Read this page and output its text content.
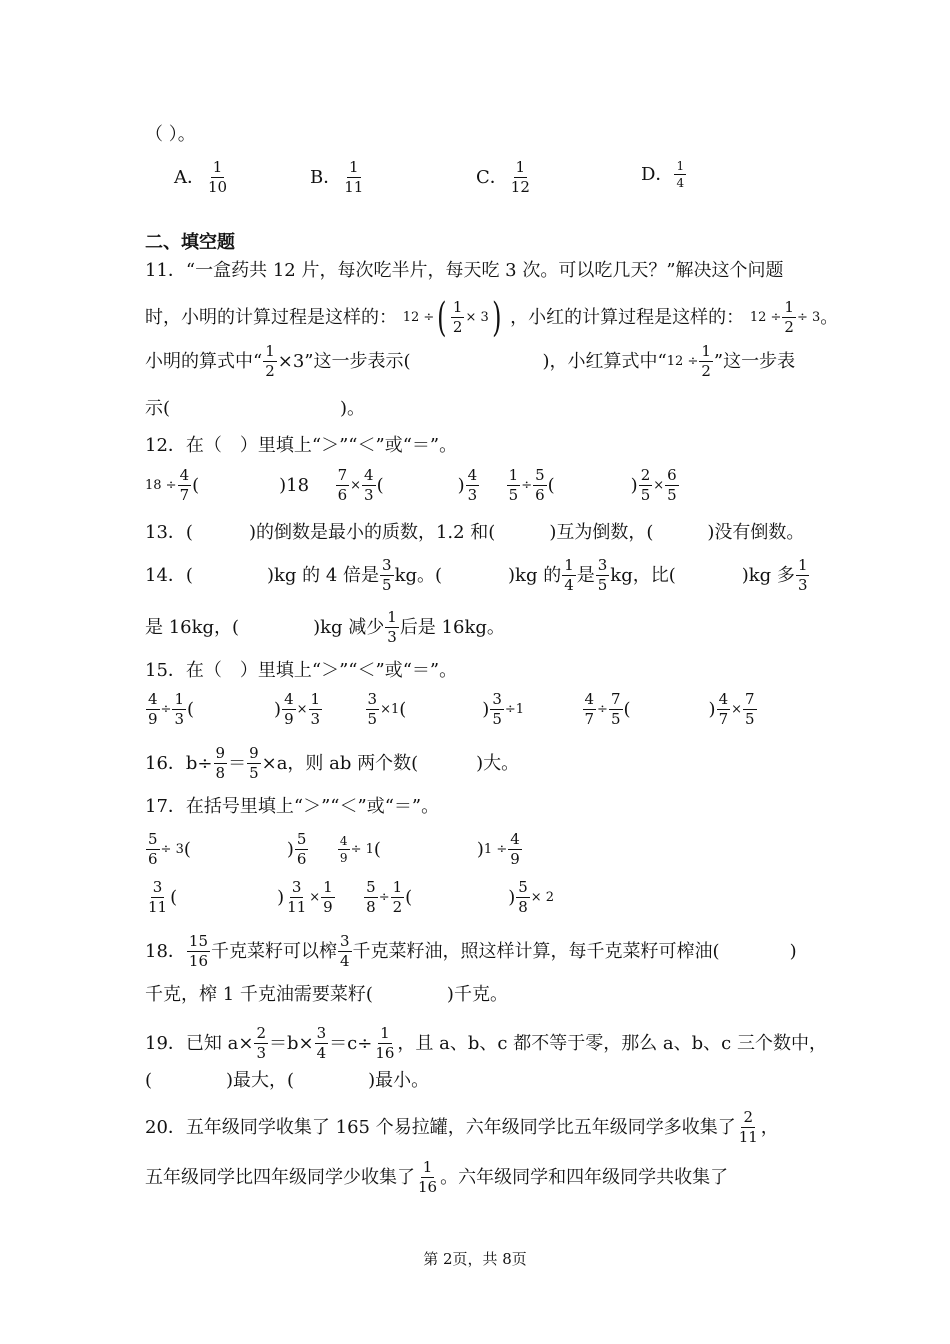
（ ）。
A． $\frac{1}{10}$	B． $\frac{1}{11}$	C． $\frac{1}{12}$	D． $\frac{1}{4}$
二、填空题
11．“一盒药共 12 片，每次吃半片，每天吃 3 次。可以吃几天？”解决这个问题
时，小明的计算过程是这样的： 12 ÷( $\frac{1}{2} \times 3$) ，小红的计算过程是这样的： $12 \div \frac{1}{2} \div 3$。
小明的算式中“ $\frac{1}{2} \times 3$”这一步表示(	)，小红算式中“$12 \div \frac{1}{2}$ ”这一步表
示(	)。
12．在（　）里填上“＞”“＜”或“＝”。
$18 \div \frac{4}{7}$ (	)$18 \frac{7}{6} \times \frac{4}{3}$ (	) $\frac{4}{3}$
$\frac{1}{5} \div \frac{5}{6}$ (	) $\frac{2}{5} \times \frac{6}{5}$
13．(	)的倒数是最小的质数，1.2 和(	)互为倒数，(	)没有倒数。
14．(	)kg 的 4 倍是 $\frac{3}{5}$ kg。(	)kg 的 $\frac{1}{4}$ 是 $\frac{3}{5}$ kg，比(	)kg 多 $\frac{1}{3}$
是 16kg，(	)kg 减少 $\frac{1}{3}$ 后是 16kg。
15．在（　）里填上“＞”“＜”或“＝”。
$\frac{4}{9} \div \frac{1}{3}$ (	) $\frac{4}{9} \times \frac{1}{3}$
	$\frac{3}{5} \times 1$(	) $\frac{3}{5} \div 1$	$\frac{4}{7} \div \frac{7}{5}$ (	) $\frac{4}{7} \times \frac{7}{5}$
16．$b\div \frac{9}{8} = \frac{9}{5} \times a$，则 ab 两个数(	)大。
17．在括号里填上“＞”“＜”或“＝”。
$\frac{5}{6} \div 3$(	) $\frac{5}{6}$
$\frac{4}{9} \div 1$(	)$1 \div \frac{4}{9}$
$\frac{3}{11}$ (	) $\frac{3}{11} \times \frac{1}{9}$
$\frac{5}{8} \div \frac{1}{2}$ (	) $\frac{5}{8} \times 2$
18． $\frac{15}{16}$ 千克菜籽可以榨 $\frac{3}{4}$ 千克菜籽油，照这样计算，每千克菜籽可榨油(	)
千克，榨 1 千克油需要菜籽(	)千克。
19．已知 $a\times \frac{2}{3} =b\times \frac{3}{4} =c\div \frac{1}{16}$ ，且 a、b、c 都不等于零，那么 a、b、c 三个数中，
(	)最大，(	)最小。
20．五年级同学收集了 165 个易拉罐，六年级同学比五年级同学多收集了 $\frac{2}{11}$ ，
五年级同学比四年级同学少收集了 $\frac{1}{16}$ 。六年级同学和四年级同学共收集了
第 2页，共 8页
